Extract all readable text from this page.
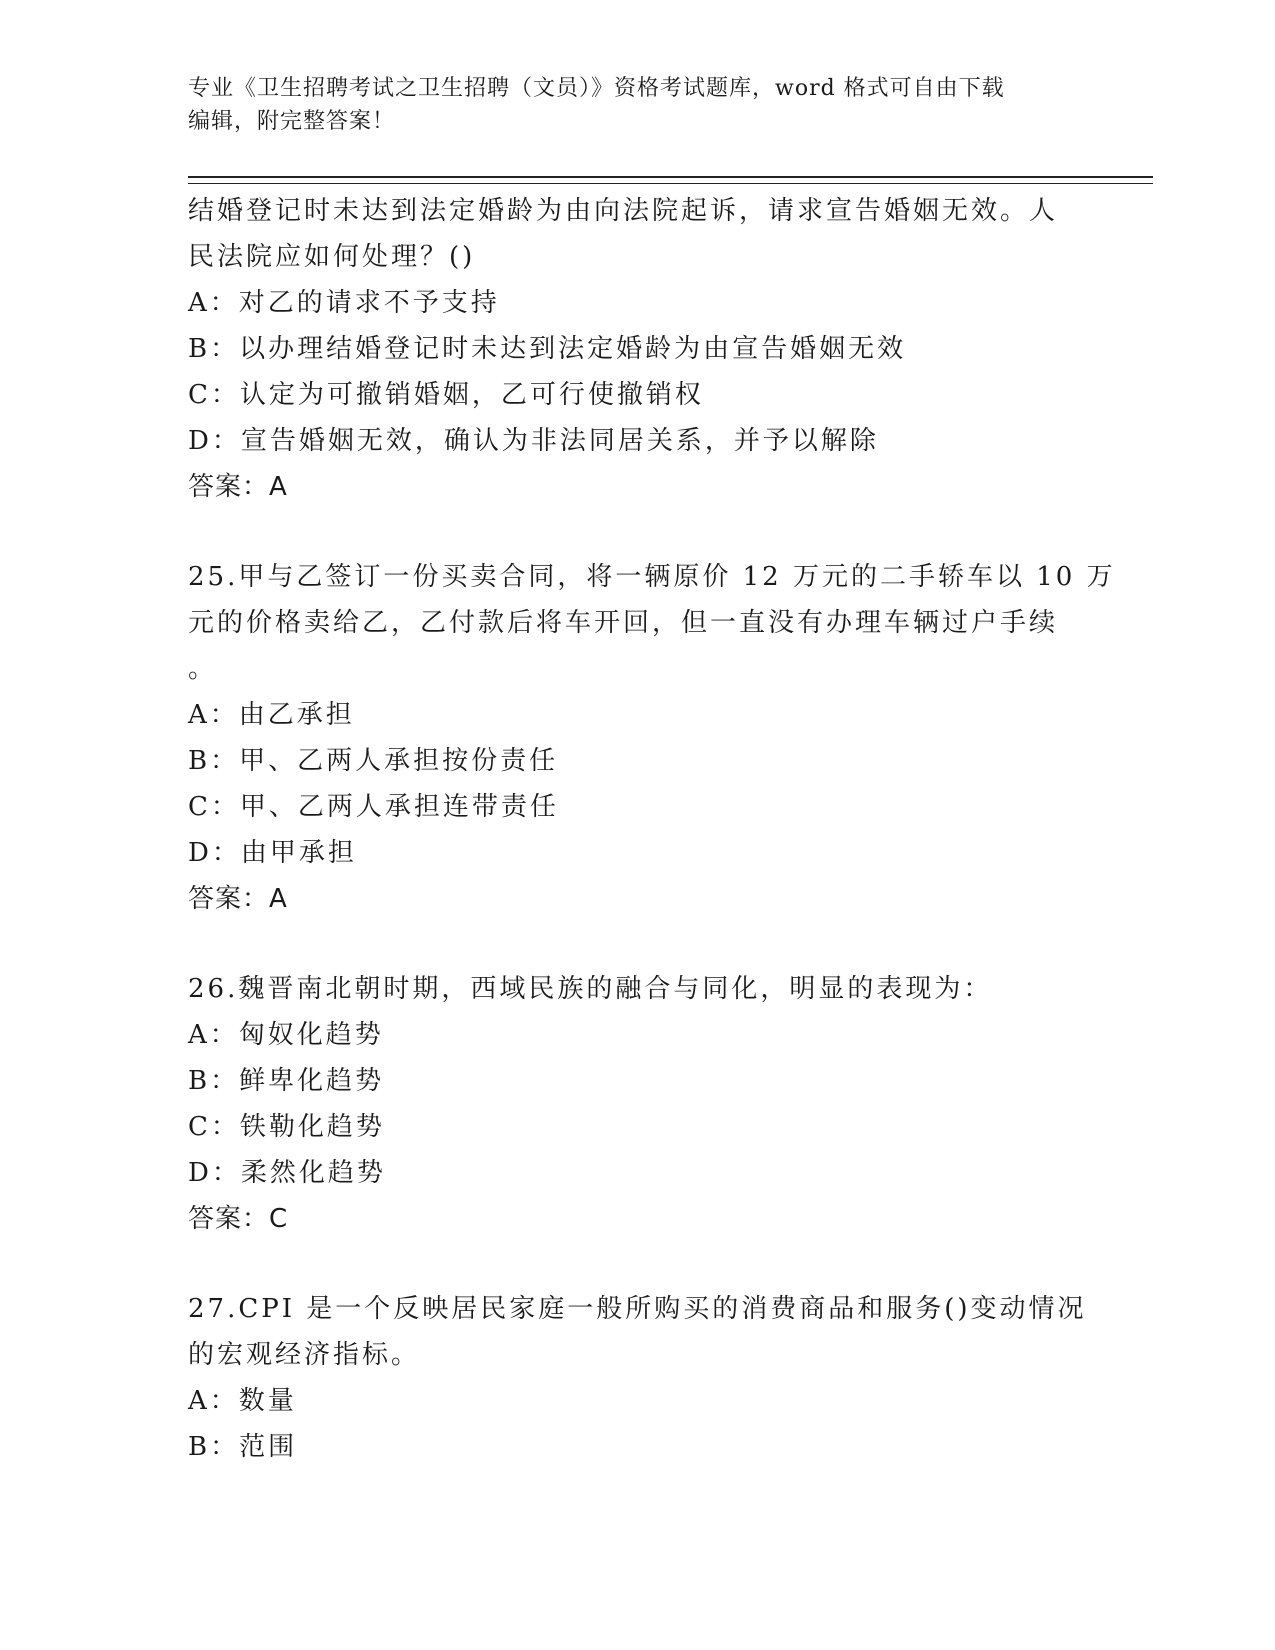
专业《卫生招聘考试之卫生招聘（文员）》资格考试题库，word 格式可自由下载
编辑，附完整答案！
结婚登记时未达到法定婚龄为由向法院起诉，请求宣告婚姻无效。人
民法院应如何处理？()
A：对乙的请求不予支持
B：以办理结婚登记时未达到法定婚龄为由宣告婚姻无效
C：认定为可撤销婚姻，乙可行使撤销权
D：宣告婚姻无效，确认为非法同居关系，并予以解除
答案：A
25.甲与乙签订一份买卖合同，将一辆原价 12 万元的二手轿车以 10 万
元的价格卖给乙，乙付款后将车开回，但一直没有办理车辆过户手续
。
A：由乙承担
B：甲、乙两人承担按份责任
C：甲、乙两人承担连带责任
D：由甲承担
答案：A
26.魏晋南北朝时期，西域民族的融合与同化，明显的表现为：
A：匈奴化趋势
B：鲜卑化趋势
C：铁勒化趋势
D：柔然化趋势
答案：C
27.CPI 是一个反映居民家庭一般所购买的消费商品和服务()变动情况
的宏观经济指标。
A：数量
B：范围
